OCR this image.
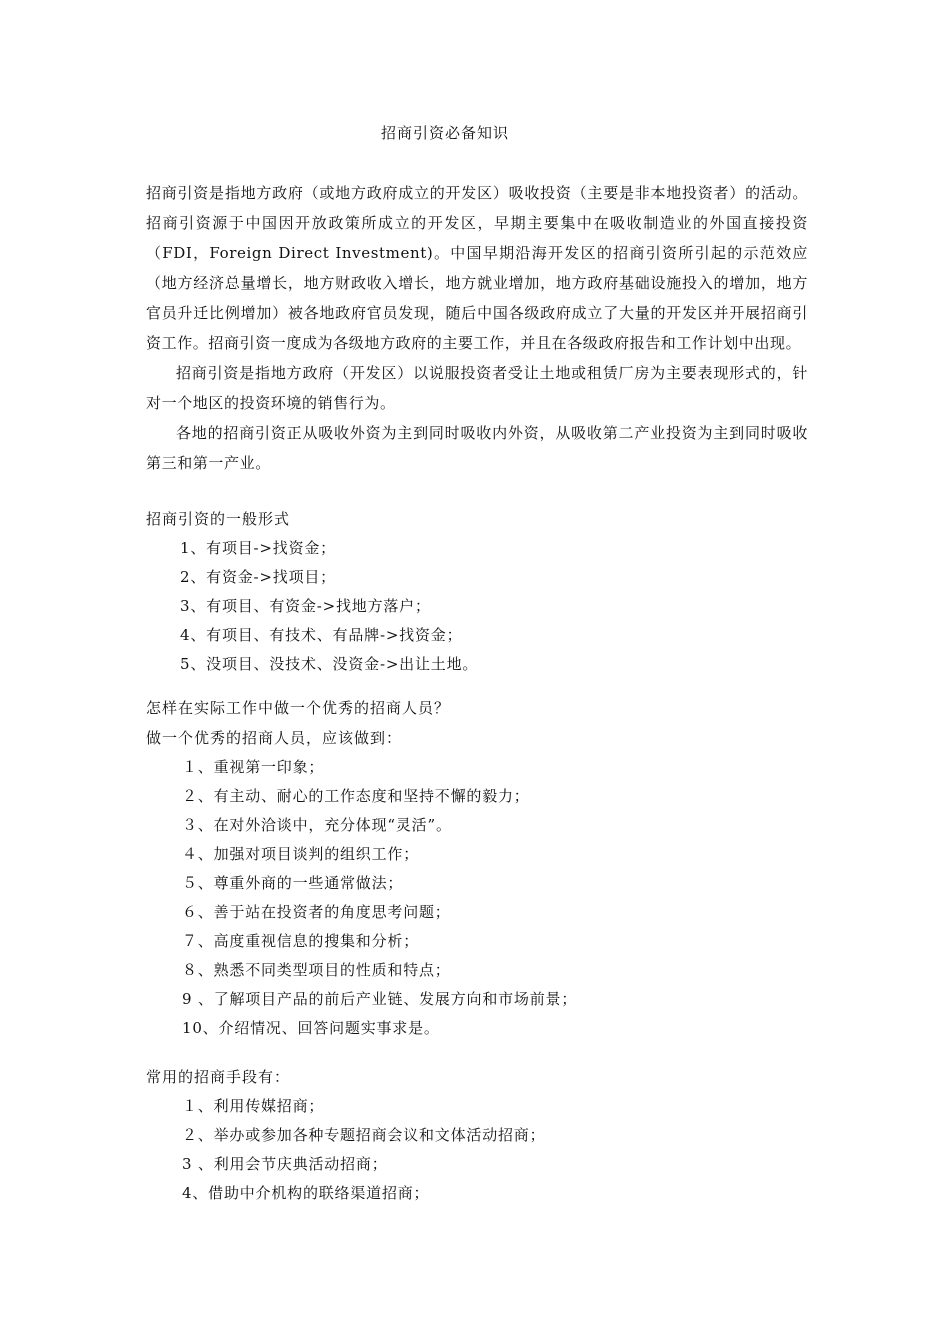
招商引资必备知识

招商引资是指地方政府（或地方政府成立的开发区）吸收投资（主要是非本地投资者）的活动。招商引资源于中国因开放政策所成立的开发区，早期主要集中在吸收制造业的外国直接投资（FDI，Foreign Direct Investment)。中国早期沿海开发区的招商引资所引起的示范效应（地方经济总量增长，地方财政收入增长，地方就业增加，地方政府基础设施投入的增加，地方官员升迁比例增加）被各地政府官员发现，随后中国各级政府成立了大量的开发区并开展招商引资工作。招商引资一度成为各级地方政府的主要工作，并且在各级政府报告和工作计划中出现。

招商引资是指地方政府（开发区）以说服投资者受让土地或租赁厂房为主要表现形式的，针对一个地区的投资环境的销售行为。

各地的招商引资正从吸收外资为主到同时吸收内外资，从吸收第二产业投资为主到同时吸收第三和第一产业。

招商引资的一般形式
1、有项目->找资金；
2、有资金->找项目；
3、有项目、有资金->找地方落户；
4、有项目、有技术、有品牌->找资金；
5、没项目、没技术、没资金->出让土地。
怎样在实际工作中做一个优秀的招商人员？
做一个优秀的招商人员，应该做到：
１、重视第一印象；
２、有主动、耐心的工作态度和坚持不懈的毅力；
３、在对外洽谈中，充分体现“灵活”。
４、加强对项目谈判的组织工作；
５、尊重外商的一些通常做法；
６、善于站在投资者的角度思考问题；
７、高度重视信息的搜集和分析；
８、熟悉不同类型项目的性质和特点；
9 、了解项目产品的前后产业链、发展方向和市场前景；
10、介绍情况、回答问题实事求是。
常用的招商手段有：
１、利用传媒招商；
２、举办或参加各种专题招商会议和文体活动招商；
3 、利用会节庆典活动招商；
4、借助中介机构的联络渠道招商；
